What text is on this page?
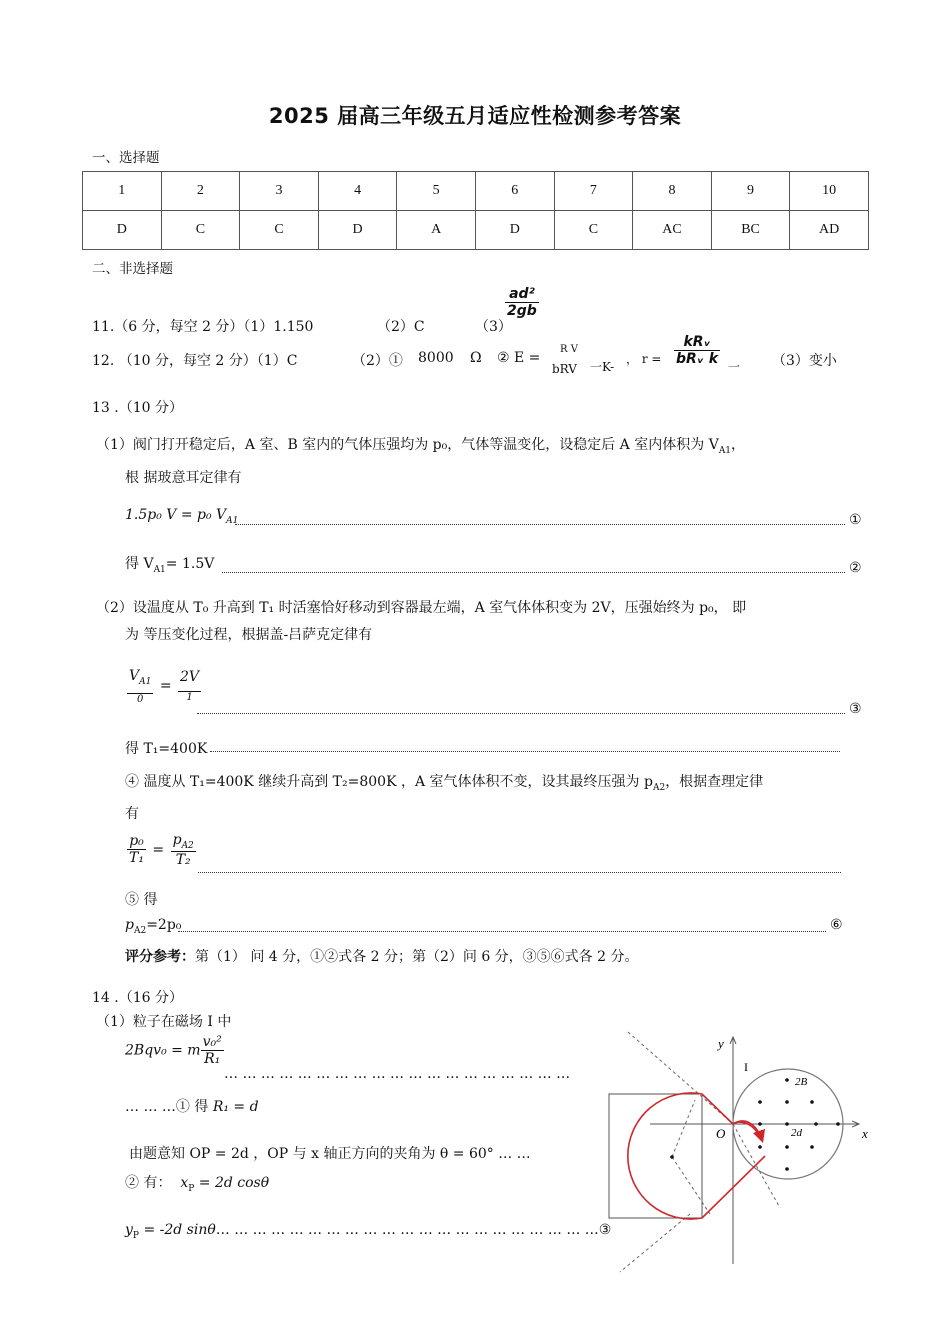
2025 届高三年级五月适应性检测参考答案
一、选择题
1	2	3	4	5	6	7	8	9	10
D	C	C	D	A	D	C	AC	BC	AD
二、非选择题
11.（6 分，每空 2 分）（1）1.150	（2）C	（3）
$\frac{\text{ad²}}{2gb}$
12. （10 分，每空 2 分）（1）C	（2）① 8000 Ω ② E =
R V
bRV 一K-
， $r = \frac{\text{kRᵥ}}{\text{bRᵥ k}}$ 一 （3）变小
13 .（10 分）
（1）阀门打开稳定后，A 室、B 室内的气体压强均为 p₀，气体等温变化，设稳定后 A 室内体积为 $V_{A1}$，
根 据玻意耳定律有
1.5p₀ V = p₀ $V_{A1}$	①
得 $V_{A1}= 1.5V$	②
（2）设温度从 T₀ 升高到 T₁ 时活塞恰好移动到容器最左端，A 室气体体积变为 2V，压强始终为 p₀， 即
为 等压变化过程，根据盖-吕萨克定律有
$\frac{V_{A1}}{0} = \frac{2V}{1}$
③
得 T₁=400K
④ 温度从 T₁=400K 继续升高到 T₂=800K ，A 室气体体积不变，设其最终压强为 $p_{A2}$，根据查理定律
有
$\frac{\text{p₀}}{\text{T₁}} = \frac{p_{A2}}{\text{T₂}}$
⑤ 得
$p_{A2}=2p_0$	⑥
评分参考：第（1） 问 4 分，①②式各 2 分；第（2）问 6 分，③⑤⑥式各 2 分。
14 .（16 分）
（1）粒子在磁场 Ⅰ 中
2Bqv₀ = m $\frac{\text{v₀²}}{\text{R₁}}$
… … … … … … … … … … … … … … … … … … …
… … …① 得 R₁ = d
由题意知 OP = 2d ，OP 与 x 轴正方向的夹角为 θ = 60° … …
② 有： $x_P = 2d$ cosθ
$y_P = -2d$ sinθ… … … … … … … … … … … … … … … … … … … … …③
y
x
O
I
2B
2d
